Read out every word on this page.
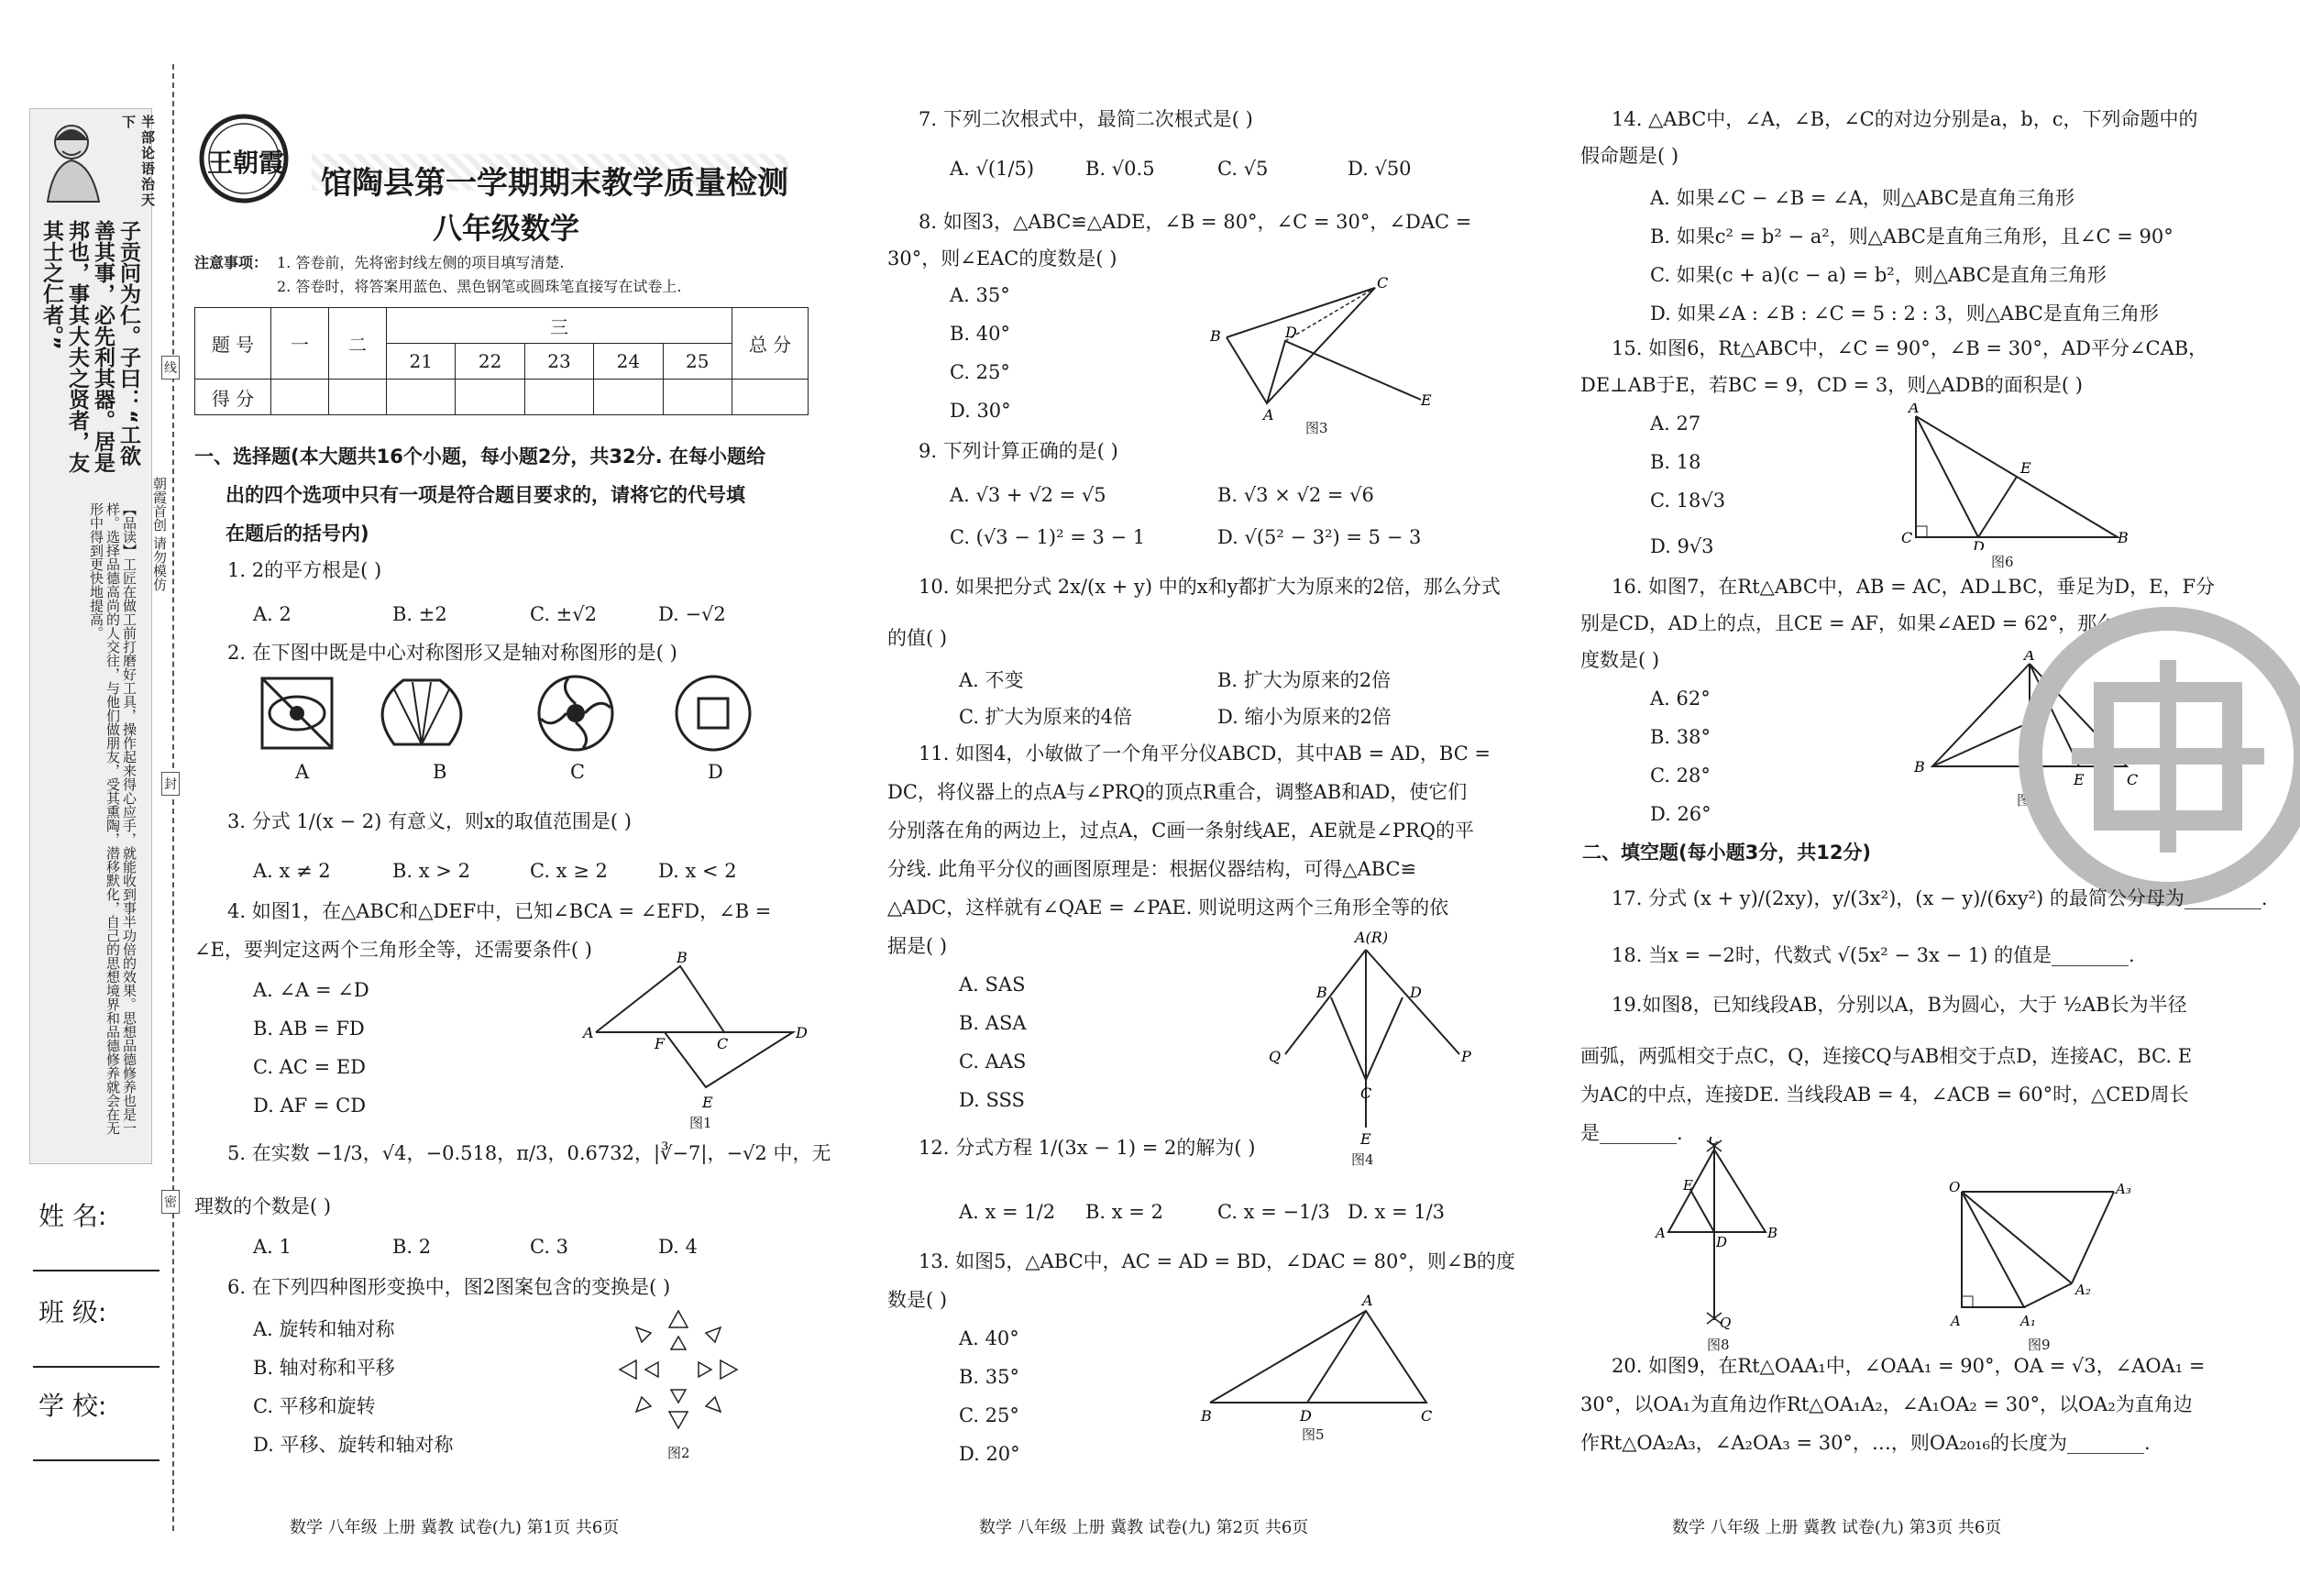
半部论语治天下
子贡问为仁。子曰：“工欲善其事，必先利其器。居是邦也，事其大夫之贤者，友其士之仁者。”
【品读】工匠在做工前打磨好工具，操作起来得心应手，就能收到事半功倍的效果。思想品德修养也是一样。选择品德高尚的人交往，与他们做朋友，受其熏陶，潜移默化，自己的思想境界和品德修养就会在无形中得到更快地提高。	朝霞首创 请勿模仿
线
封
密
姓 名:
班 级:
学 校:
王朝霞
馆陶县第一学期期末教学质量检测
八年级数学
注意事项： 1. 答卷前，先将密封线左侧的项目填写清楚.
2. 答卷时，将答案用蓝色、黑色钢笔或圆珠笔直接写在试卷上.
题 号	一	二	三					总 分
			21	22	23	24	25	
得 分								
一、选择题(本大题共16个小题，每小题2分，共32分. 在每小题给
出的四个选项中只有一项是符合题目要求的，请将它的代号填
在题后的括号内)
1. 2的平方根是( )
A. 2	B. ±2	C. ±√2	D. −√2
2. 在下图中既是中心对称图形又是轴对称图形的是( )
A	B	C	D
3. 分式 1/(x − 2) 有意义，则x的取值范围是( )
A. x ≠ 2	B. x > 2	C. x ≥ 2	D. x < 2
4. 如图1，在△ABC和△DEF中，已知∠BCA = ∠EFD，∠B =
∠E，要判定这两个三角形全等，还需要条件( )
A. ∠A = ∠D
B. AB = FD
C. AC = ED
D. AF = CD
A
B
C
D
E
F
图1
5. 在实数 −1/3，√4，−0.518，π/3，0.6732̇，|∛−7|，−√2 中，无
理数的个数是( )
A. 1	B. 2	C. 3	D. 4
6. 在下列四种图形变换中，图2图案包含的变换是( )
A. 旋转和轴对称
B. 轴对称和平移
C. 平移和旋转
D. 平移、旋转和轴对称	图2
数学 八年级 上册 冀教 试卷(九) 第1页 共6页
7. 下列二次根式中，最简二次根式是( )
A. √(1/5)	B. √0.5	C. √5	D. √50
8. 如图3，△ABC≌△ADE，∠B = 80°，∠C = 30°，∠DAC =
30°，则∠EAC的度数是( )
A. 35°
B. 40°
C. 25°
D. 30°
B
C
D
A
E
图3
9. 下列计算正确的是( )
A. √3 + √2 = √5	B. √3 × √2 = √6
C. (√3 − 1)² = 3 − 1	D. √(5² − 3²) = 5 − 3
10. 如果把分式 2x/(x + y) 中的x和y都扩大为原来的2倍，那么分式
的值( )
A. 不变	B. 扩大为原来的2倍
C. 扩大为原来的4倍	D. 缩小为原来的2倍
11. 如图4，小敏做了一个角平分仪ABCD，其中AB = AD，BC =
DC，将仪器上的点A与∠PRQ的顶点R重合，调整AB和AD，使它们
分别落在角的两边上，过点A，C画一条射线AE，AE就是∠PRQ的平
分线. 此角平分仪的画图原理是：根据仪器结构，可得△ABC≌
△ADC，这样就有∠QAE = ∠PAE. 则说明这两个三角形全等的依
据是( )
A. SAS
B. ASA
C. AAS
D. SSS
A(R)
B	D
C
Q	P
E
图4
12. 分式方程 1/(3x − 1) = 2的解为( )
A. x = 1/2 B. x = 2	C. x = −1/3 D. x = 1/3
13. 如图5，△ABC中，AC = AD = BD，∠DAC = 80°，则∠B的度
数是( )
A. 40°
B. 35°
C. 25°
D. 20°
A
B	D	C
图5
数学 八年级 上册 冀教 试卷(九) 第2页 共6页
14. △ABC中，∠A，∠B，∠C的对边分别是a，b，c，下列命题中的
假命题是( )
A. 如果∠C − ∠B = ∠A，则△ABC是直角三角形
B. 如果c² = b² − a²，则△ABC是直角三角形，且∠C = 90°
C. 如果(c + a)(c − a) = b²，则△ABC是直角三角形
D. 如果∠A : ∠B : ∠C = 5 : 2 : 3，则△ABC是直角三角形
15. 如图6，Rt△ABC中，∠C = 90°，∠B = 30°，AD平分∠CAB，
DE⊥AB于E，若BC = 9，CD = 3，则△ADB的面积是( )
A. 27
B. 18
C. 18√3
D. 9√3
A
C
D
E
B
图6
16. 如图7，在Rt△ABC中，AB = AC，AD⊥BC，垂足为D，E，F分
别是CD，AD上的点，且CE = AF，如果∠AED = 62°，那么∠DBF的
度数是( )
A. 62°
B. 38°
C. 28°
D. 26°
A
B
D E
F
C
图7
二、填空题(每小题3分，共12分)
17. 分式 (x + y)/(2xy)，y/(3x²)，(x − y)/(6xy²) 的最简公分母为________.
18. 当x = −2时，代数式 √(5x² − 3x − 1) 的值是________.
19.如图8，已知线段AB，分别以A，B为圆心，大于 ½AB长为半径
画弧，两弧相交于点C，Q，连接CQ与AB相交于点D，连接AC，BC. E
为AC的中点，连接DE. 当线段AB = 4，∠ACB = 60°时，△CED周长
是________. C
E
A
D
B
Q
图8
O
A	A₁
A₂
A₃
图9
20. 如图9，在Rt△OAA₁中，∠OAA₁ = 90°，OA = √3，∠AOA₁ =
30°，以OA₁为直角边作Rt△OA₁A₂，∠A₁OA₂ = 30°，以OA₂为直角边
作Rt△OA₂A₃，∠A₂OA₃ = 30°，…，则OA₂₀₁₆的长度为________.
数学 八年级 上册 冀教 试卷(九) 第3页 共6页
